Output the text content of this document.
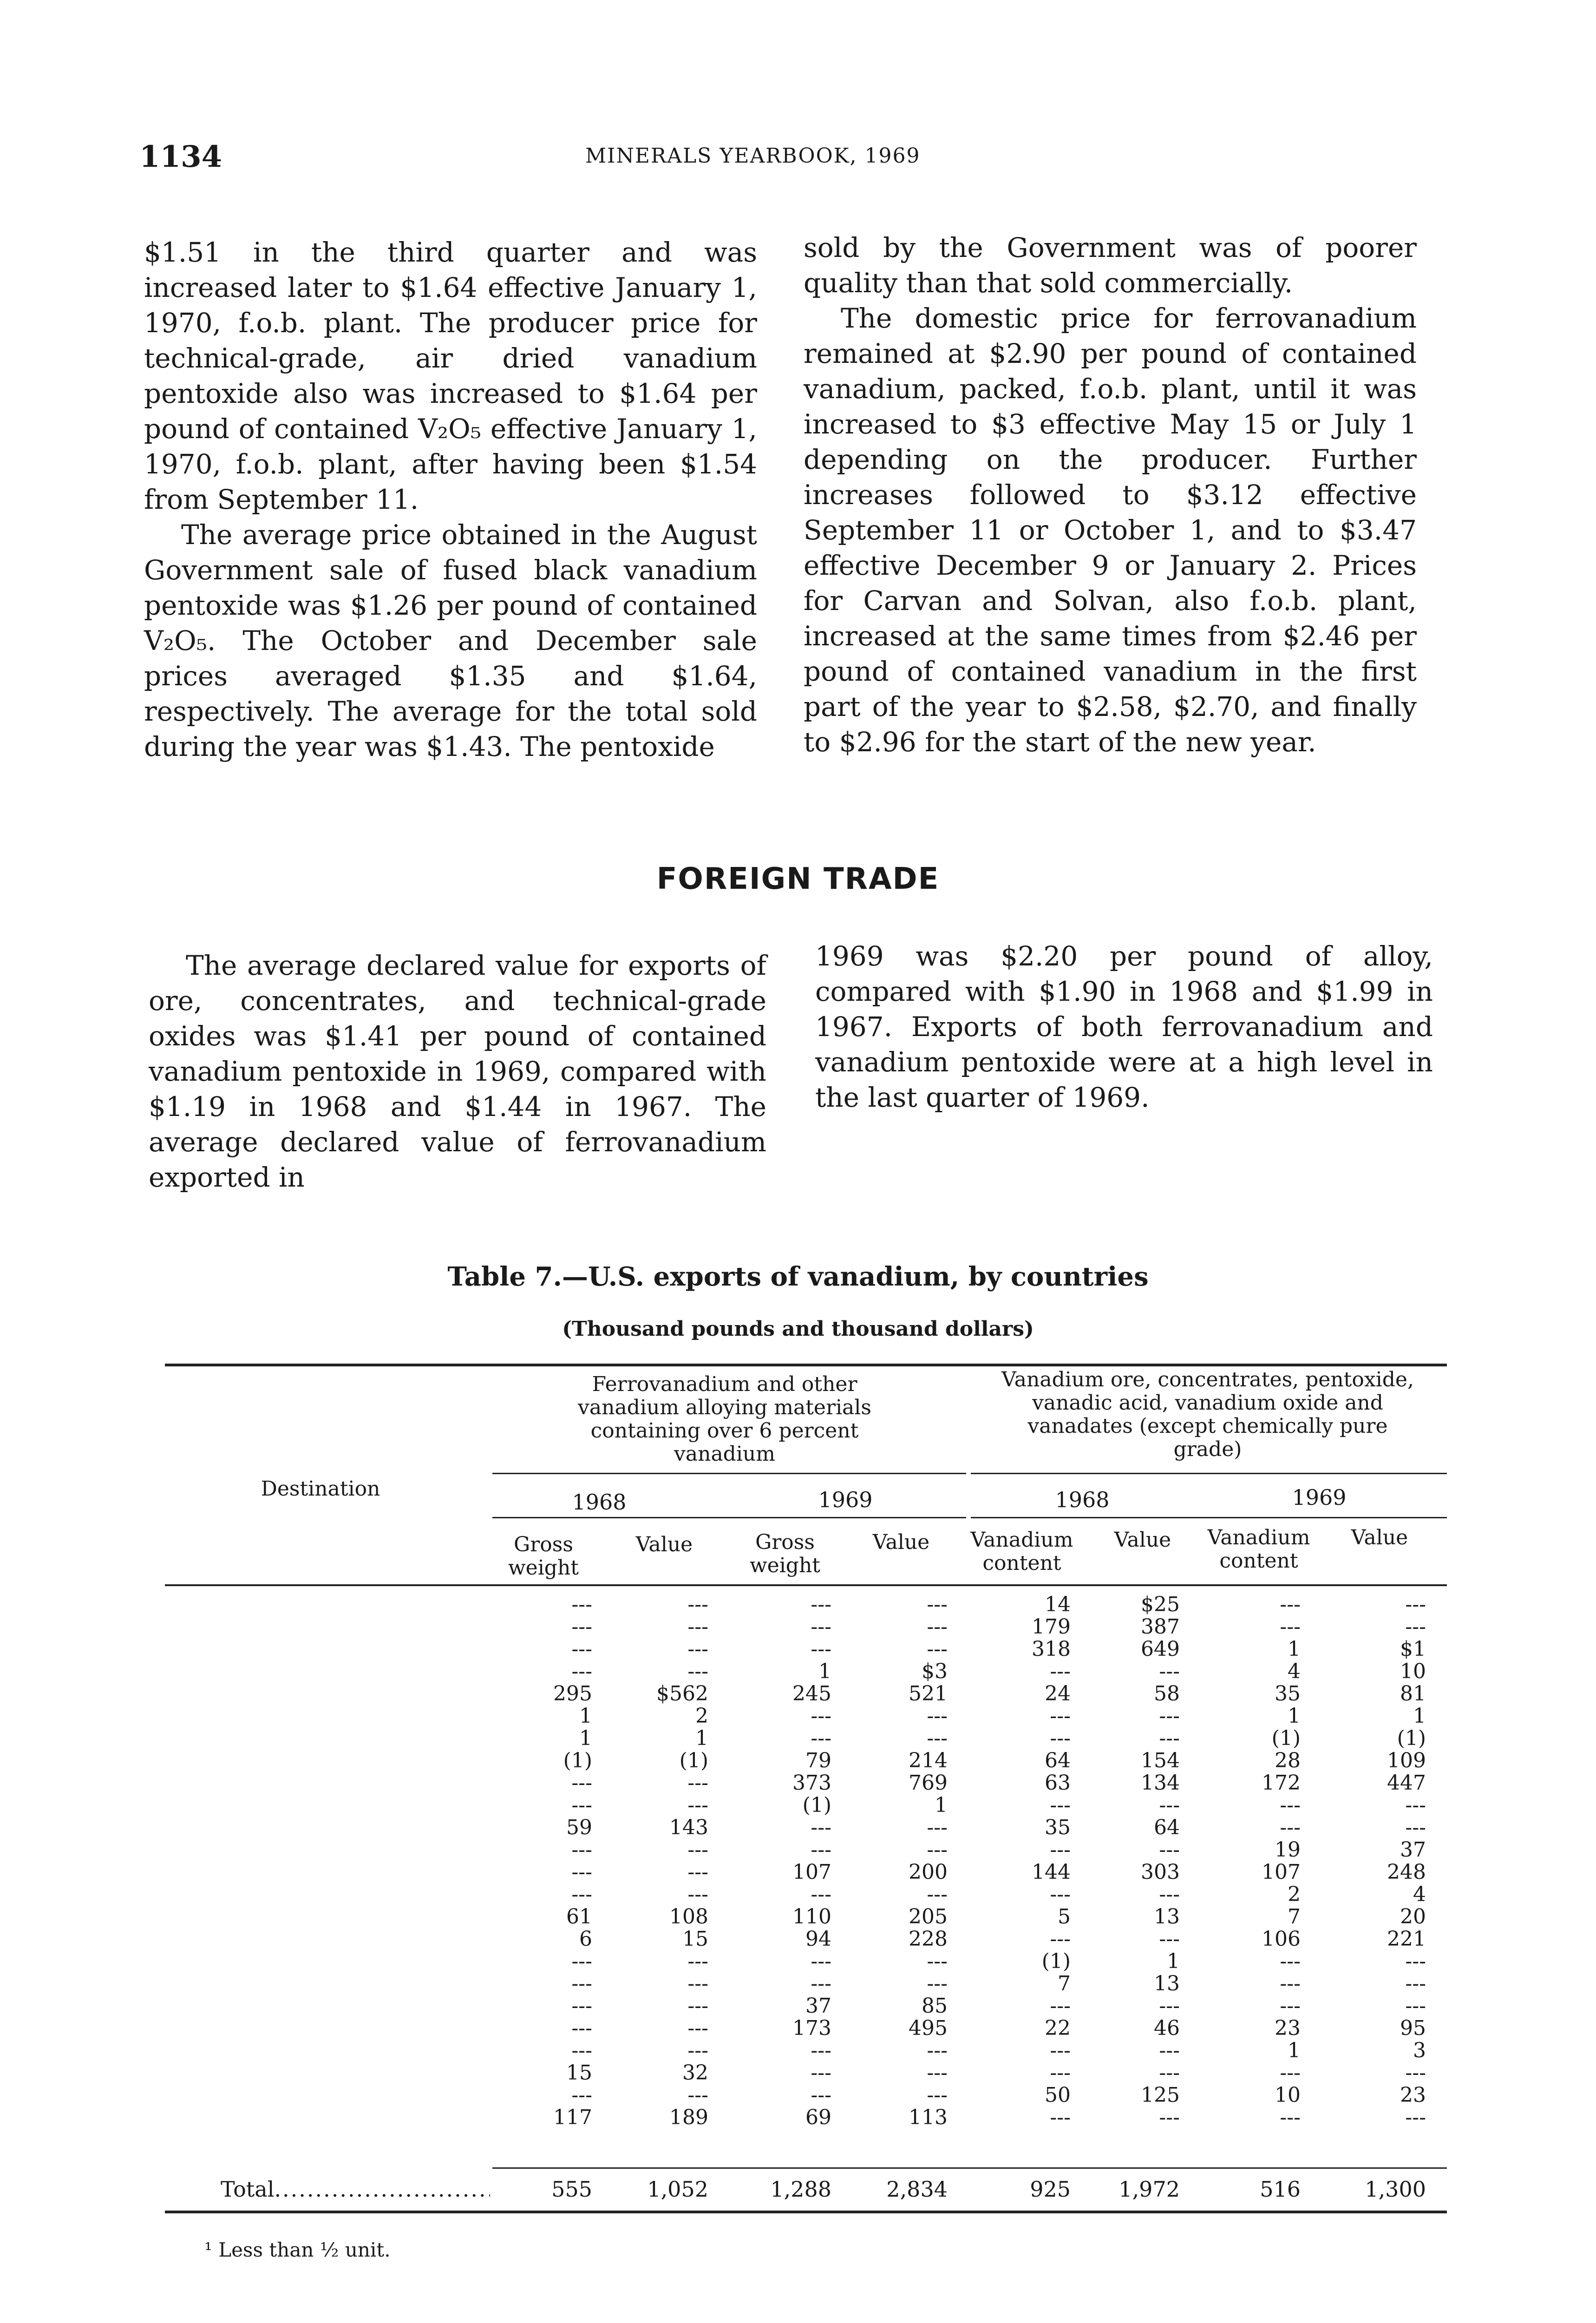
1134	MINERALS YEARBOOK, 1969

$1.51 in the third quarter and was increased later to $1.64 effective January 1, 1970, f.o.b. plant. The producer price for technical-grade, air dried vanadium pentoxide also was increased to $1.64 per pound of contained V₂O₅ effective January 1, 1970, f.o.b. plant, after having been $1.54 from September 11.

The average price obtained in the August Government sale of fused black vanadium pentoxide was $1.26 per pound of contained V₂O₅. The October and December sale prices averaged $1.35 and $1.64, respectively. The average for the total sold during the year was $1.43. The pentoxide

sold by the Government was of poorer quality than that sold commercially.

The domestic price for ferrovanadium remained at $2.90 per pound of contained vanadium, packed, f.o.b. plant, until it was increased to $3 effective May 15 or July 1 depending on the producer. Further increases followed to $3.12 effective September 11 or October 1, and to $3.47 effective December 9 or January 2. Prices for Carvan and Solvan, also f.o.b. plant, increased at the same times from $2.46 per pound of contained vanadium in the first part of the year to $2.58, $2.70, and finally to $2.96 for the start of the new year.

FOREIGN TRADE

The average declared value for exports of ore, concentrates, and technical-grade oxides was $1.41 per pound of contained vanadium pentoxide in 1969, compared with $1.19 in 1968 and $1.44 in 1967. The average declared value of ferrovanadium exported in

1969 was $2.20 per pound of alloy, compared with $1.90 in 1968 and $1.99 in 1967. Exports of both ferrovanadium and vanadium pentoxide were at a high level in the last quarter of 1969.

Table 7.—U.S. exports of vanadium, by countries
(Thousand pounds and thousand dollars)
Destination
Ferrovanadium and other vanadium alloying materials containing over 6 percent vanadium
Vanadium ore, concentrates, pentoxide, vanadic acid, vanadium oxide and vanadates (except chemically pure grade)
1968	1969	1968	1969
Gross weight
Value	Gross weight
Value	Vanadium content
Value	Vanadium content
Value
---	---	---	---	14	$25	---	---
---	---	---	---	179	387	---	---
---	---	---	---	318	649	1	$1
---	---	1	$3	---	---	4	10
295	$562	245	521	24	58	35	81
1	2	---	---	---	---	1	1
1	1	---	---	---	---	(1)	(1)
(1)	(1)	79	214	64	154	28	109
---	---	373	769	63	134	172	447
---	---	(1)	1	---	---	---	---
59	143	---	---	35	64	---	---
---	---	---	---	---	---	19	37
---	---	107	200	144	303	107	248
---	---	---	---	---	---	2	4
61	108	110	205	5	13	7	20
6	15	94	228	---	---	106	221
---	---	---	---	(1)	1	---	---
---	---	---	---	7	13	---	---
---	---	37	85	---	---	---	---
---	---	173	495	22	46	23	95
---	---	---	---	---	---	1	3
15	32	---	---	---	---	---	---
---	---	---	---	50	125	10	23
117	189	69	113	---	---	---	---
Total .....	555	1,052	1,288	2,834	925 1,972	516	1,300
¹ Less than ½ unit.
